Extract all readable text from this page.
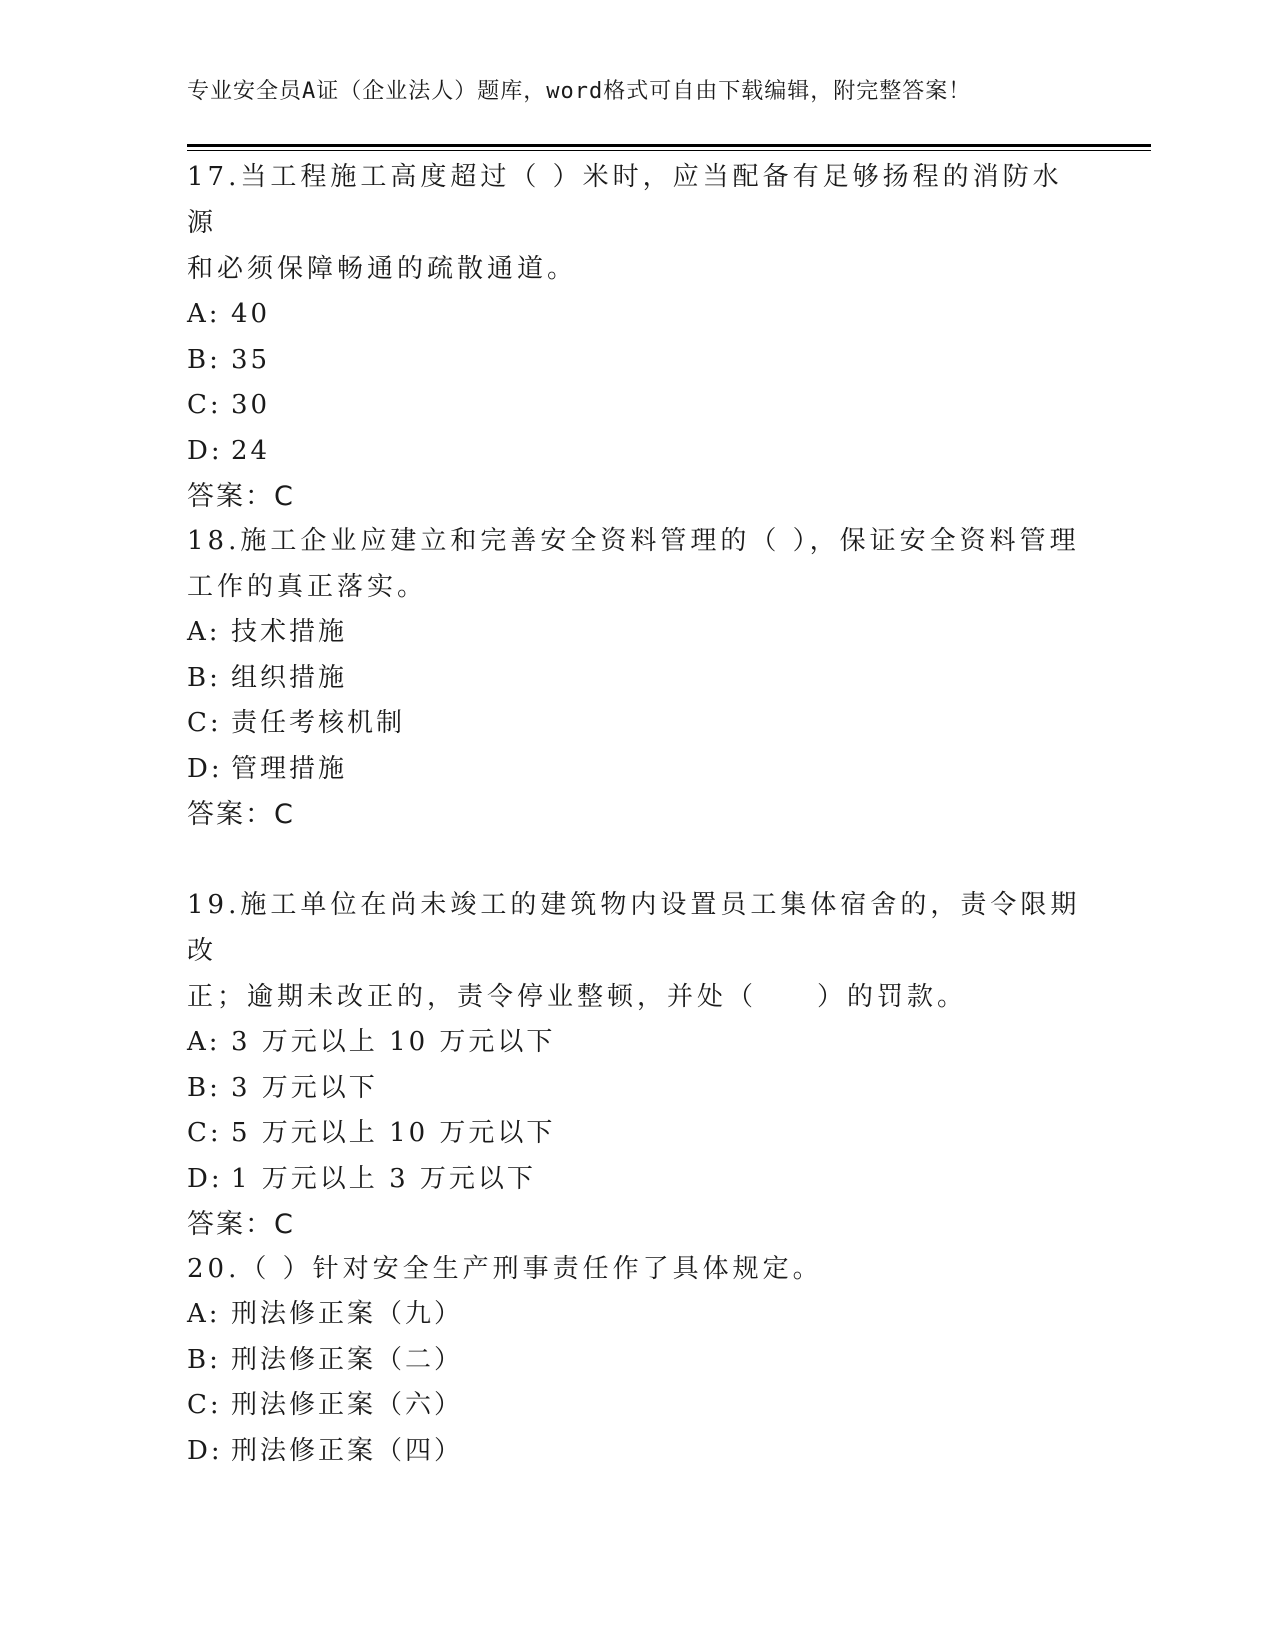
专业安全员A证（企业法人）题库，word格式可自由下载编辑，附完整答案！

17.当工程施工高度超过（ ）米时，应当配备有足够扬程的消防水源
和必须保障畅通的疏散通道。

A: 40
B: 35
C: 30
D: 24
答案： C

18.施工企业应建立和完善安全资料管理的（ ），保证安全资料管理
工作的真正落实。

A: 技术措施
B: 组织措施
C: 责任考核机制
D: 管理措施
答案： C

19.施工单位在尚未竣工的建筑物内设置员工集体宿舍的，责令限期改
正；逾期未改正的，责令停业整顿，并处（　　）的罚款。

A: 3 万元以上 10 万元以下
B: 3 万元以下
C: 5 万元以上 10 万元以下
D: 1 万元以上 3 万元以下
答案： C

20.（ ）针对安全生产刑事责任作了具体规定。

A: 刑法修正案（九）
B: 刑法修正案（二）
C: 刑法修正案（六）
D: 刑法修正案（四）
